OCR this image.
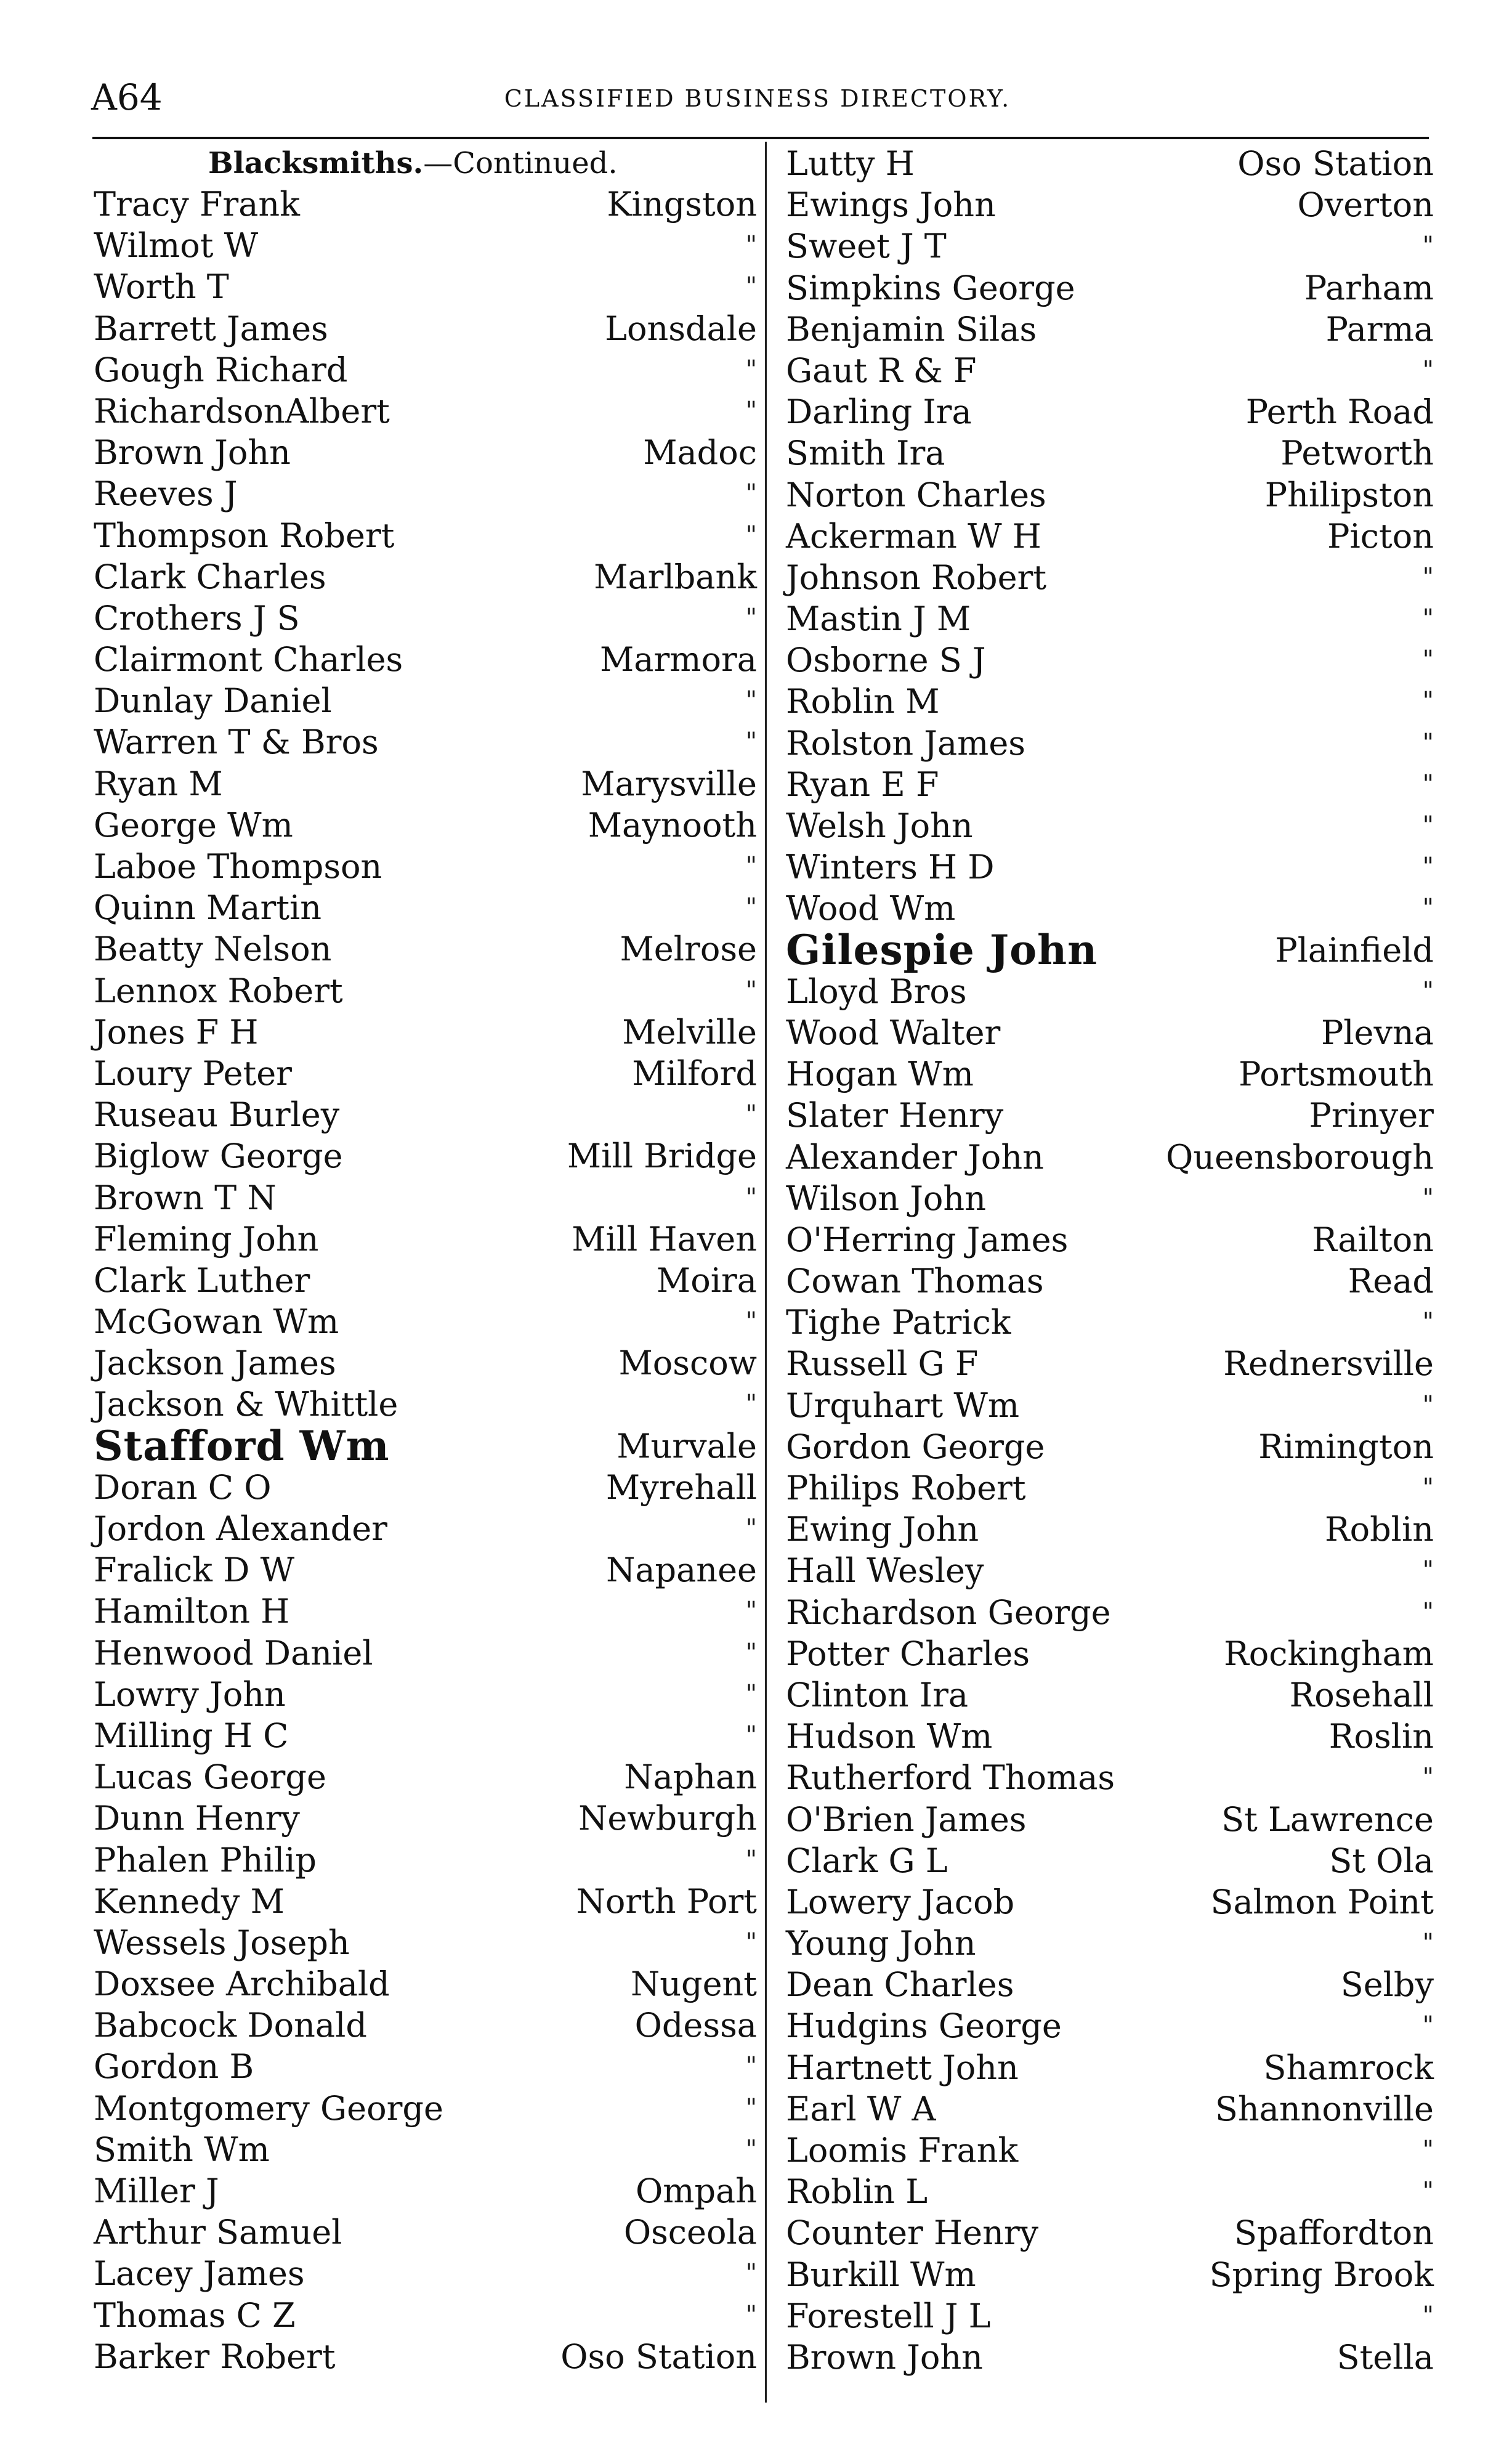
A64	CLASSIFIED BUSINESS DIRECTORY.
Blacksmiths.—Continued.
Tracy Frank	Kingston
Wilmot W	"
Worth T	"
Barrett James	Lonsdale
Gough Richard	"
RichardsonAlbert	"
Brown John	Madoc
Reeves J	"
Thompson Robert	"
Clark Charles	Marlbank
Crothers J S	"
Clairmont Charles	Marmora
Dunlay Daniel	"
Warren T & Bros	"
Ryan M	Marysville
George Wm	Maynooth
Laboe Thompson	"
Quinn Martin	"
Beatty Nelson	Melrose
Lennox Robert	"
Jones F H	Melville
Loury Peter	Milford
Ruseau Burley	"
Biglow George	Mill Bridge
Brown T N	"
Fleming John	Mill Haven
Clark Luther	Moira
McGowan Wm	"
Jackson James	Moscow
Jackson & Whittle	"
Stafford Wm	Murvale
Doran C O	Myrehall
Jordon Alexander	"
Fralick D W	Napanee
Hamilton H	"
Henwood Daniel	"
Lowry John	"
Milling H C	"
Lucas George	Naphan
Dunn Henry	Newburgh
Phalen Philip	"
Kennedy M	North Port
Wessels Joseph	"
Doxsee Archibald	Nugent
Babcock Donald	Odessa
Gordon B	"
Montgomery George	"
Smith Wm	"
Miller J	Ompah
Arthur Samuel	Osceola
Lacey James	"
Thomas C Z	"
Barker Robert	Oso Station
Lutty H	Oso Station
Ewings John	Overton
Sweet J T	"
Simpkins George	Parham
Benjamin Silas	Parma
Gaut R & F	"
Darling Ira	Perth Road
Smith Ira	Petworth
Norton Charles	Philipston
Ackerman W H	Picton
Johnson Robert	"
Mastin J M	"
Osborne S J	"
Roblin M	"
Rolston James	"
Ryan E F	"
Welsh John	"
Winters H D	"
Wood Wm	"
Gilespie John	Plainfield
Lloyd Bros	"
Wood Walter	Plevna
Hogan Wm	Portsmouth
Slater Henry	Prinyer
Alexander John	Queensborough
Wilson John	"
O'Herring James	Railton
Cowan Thomas	Read
Tighe Patrick	"
Russell G F	Rednersville
Urquhart Wm	"
Gordon George	Rimington
Philips Robert	"
Ewing John	Roblin
Hall Wesley	"
Richardson George	"
Potter Charles	Rockingham
Clinton Ira	Rosehall
Hudson Wm	Roslin
Rutherford Thomas	"
O'Brien James	St Lawrence
Clark G L	St Ola
Lowery Jacob	Salmon Point
Young John	"
Dean Charles	Selby
Hudgins George	"
Hartnett John	Shamrock
Earl W A	Shannonville
Loomis Frank	"
Roblin L	"
Counter Henry	Spaffordton
Burkill Wm	Spring Brook
Forestell J L	"
Brown John	Stella
